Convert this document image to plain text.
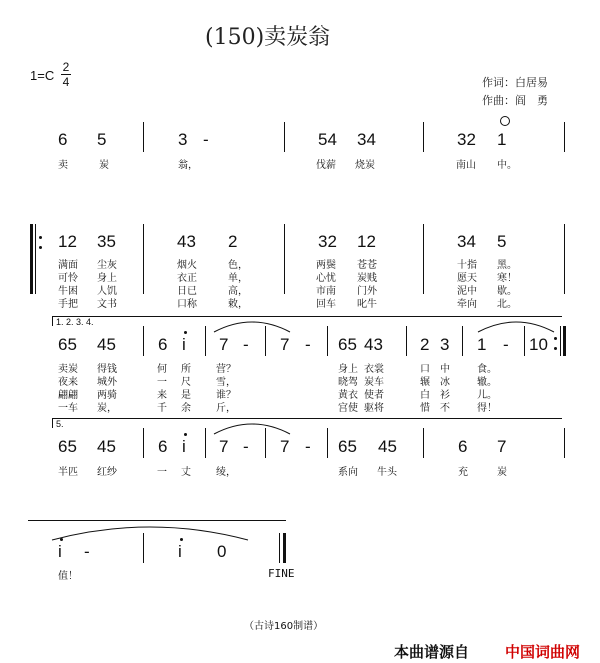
(150)卖炭翁
1=C
2
4	作词：白居易
作曲：阎　勇
6 5	3 -	54 34	32 1
卖	炭	翁，	伐薪 烧炭	南山 中。
12 35	43 2	32 12	34 5
满面 尘灰	烟火	色，	两鬓 苍苍	十指 黑。
可怜 身上	衣正	单，	心忧 炭贱	愿天 寒！
牛困 人饥	日已	高，	市南 门外	泥中 歇。
手把 文书	口称	敕，	回车 叱牛	牵向 北。
1. 2. 3. 4.
65 45 6 i 7 - 7 - 65 43 2 3 1 - 10
卖炭 得钱	何 所	营？	身上 衣裳	口 中	食。
夜来 城外	一 尺	雪，	晓驾 炭车	辗 冰	辙。
翩翩 两骑	来 是	谁？	黄衣 使者	白 衫	儿。
一车 炭，	千 余	斤，	宫使 驱将	惜 不	得！
5.
65 45 6 i 7 - 7 - 65 45	6 7
半匹 红纱	一 丈	绫，	系向 牛头	充	炭
i -	i 0
值！	FINE
（古诗160制谱）
本曲谱源自 中国词曲网
